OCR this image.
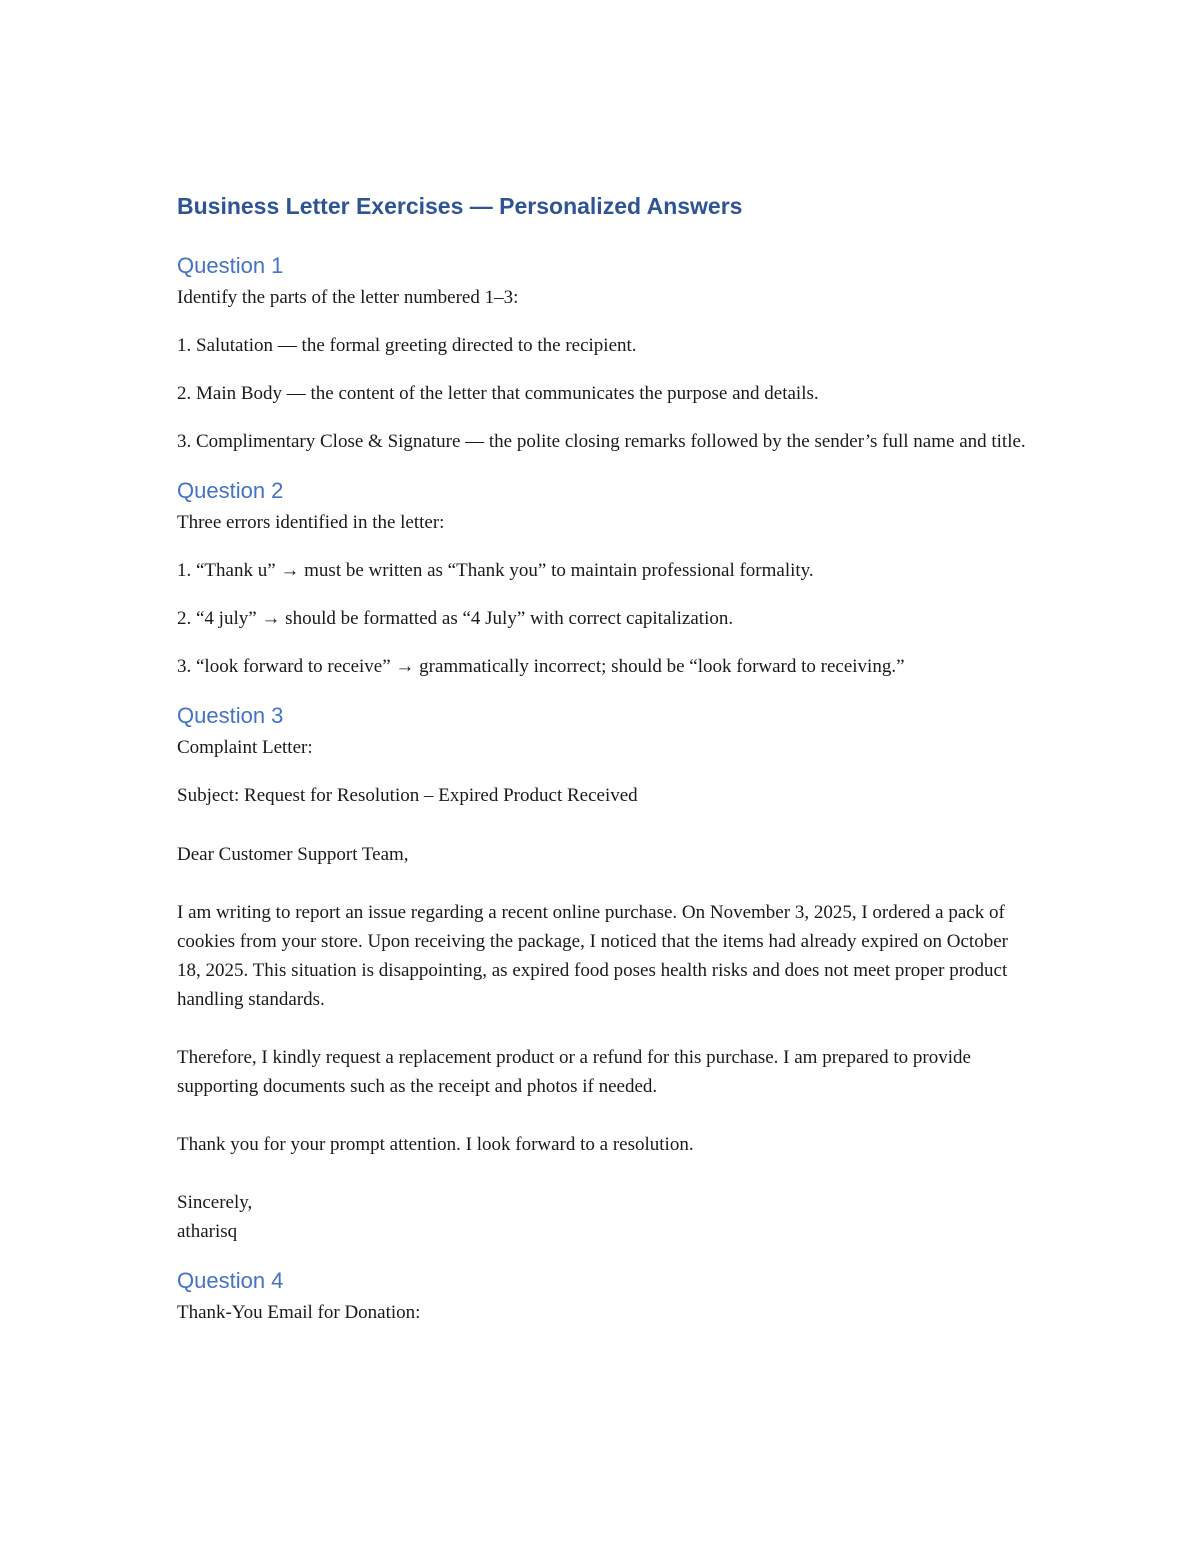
Business Letter Exercises — Personalized Answers
Question 1

Identify the parts of the letter numbered 1–3:

1. Salutation — the formal greeting directed to the recipient.

2. Main Body — the content of the letter that communicates the purpose and details.

3. Complimentary Close & Signature — the polite closing remarks followed by the sender’s full name and title.

Question 2

Three errors identified in the letter:

1. “Thank u” → must be written as “Thank you” to maintain professional formality.

2. “4 july” → should be formatted as “4 July” with correct capitalization.

3. “look forward to receive” → grammatically incorrect; should be “look forward to receiving.”

Question 3

Complaint Letter:

Subject: Request for Resolution – Expired Product Received

Dear Customer Support Team,

I am writing to report an issue regarding a recent online purchase. On November 3, 2025, I ordered a pack of cookies from your store. Upon receiving the package, I noticed that the items had already expired on October 18, 2025. This situation is disappointing, as expired food poses health risks and does not meet proper product handling standards.

Therefore, I kindly request a replacement product or a refund for this purchase. I am prepared to provide supporting documents such as the receipt and photos if needed.

Thank you for your prompt attention. I look forward to a resolution.

Sincerely,

atharisq

Question 4

Thank-You Email for Donation:
